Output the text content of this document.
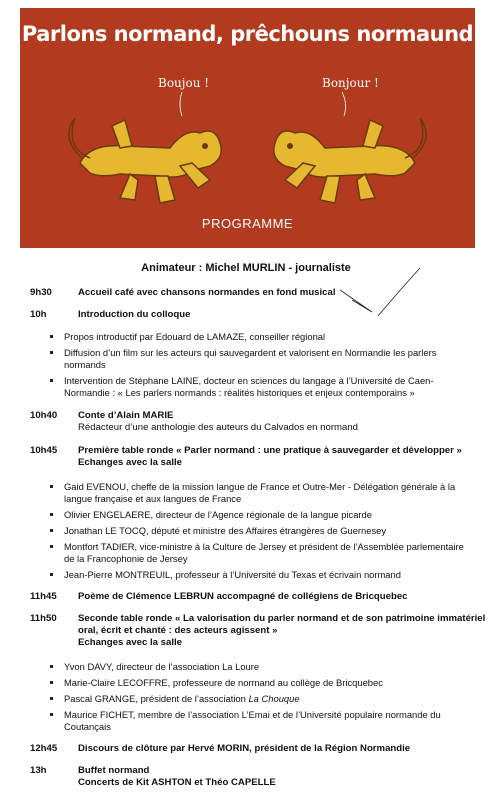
Parlons normand, prêchouns normaund
Boujou !	Bonjour !
PROGRAMME
Animateur : Michel MURLIN - journaliste
9h30	Accueil café avec chansons normandes en fond musical
10h	Introduction du colloque
Propos introductif par Edouard de LAMAZE, conseiller régional
Diffusion d’un film sur les acteurs qui sauvegardent et valorisent en Normandie les parlers normands
Intervention de Stéphane LAINE, docteur en sciences du langage à l’Université de Caen-Normandie : « Les parlers normands : réalités historiques et enjeux contemporains »
10h40 Conte d’Alain MARIE
Rédacteur d’une anthologie des auteurs du Calvados en normand
10h45 Première table ronde « Parler normand : une pratique à sauvegarder et développer »
Echanges avec la salle
Gaid EVENOU, cheffe de la mission langue de France et Outre-Mer - Délégation générale à la langue française et aux langues de France
Olivier ENGELAERE, directeur de l’Agence régionale de la langue picarde
Jonathan LE TOCQ, député et ministre des Affaires étrangères de Guernesey
Montfort TADIER, vice-ministre à la Culture de Jersey et président de l’Assemblée parlementaire de la Francophonie de Jersey
Jean-Pierre MONTREUIL, professeur à l’Université du Texas et écrivain normand
11h45 Poème de Clémence LEBRUN accompagné de collégiens de Bricquebec
11h50 Seconde table ronde « La valorisation du parler normand et de son patrimoine immatériel oral, écrit et chanté : des acteurs agissent »
Echanges avec la salle
Yvon DAVY, directeur de l’association La Loure
Marie-Claire LECOFFRE, professeure de normand au collège de Bricquebec
Pascal GRANGE, président de l’association La Chouque
Maurice FICHET, membre de l’association L’Emai et de l’Université populaire normande du Coutançais
12h45 Discours de clôture par Hervé MORIN, président de la Région Normandie
13h	Buffet normand
Concerts de Kit ASHTON et Théo CAPELLE
